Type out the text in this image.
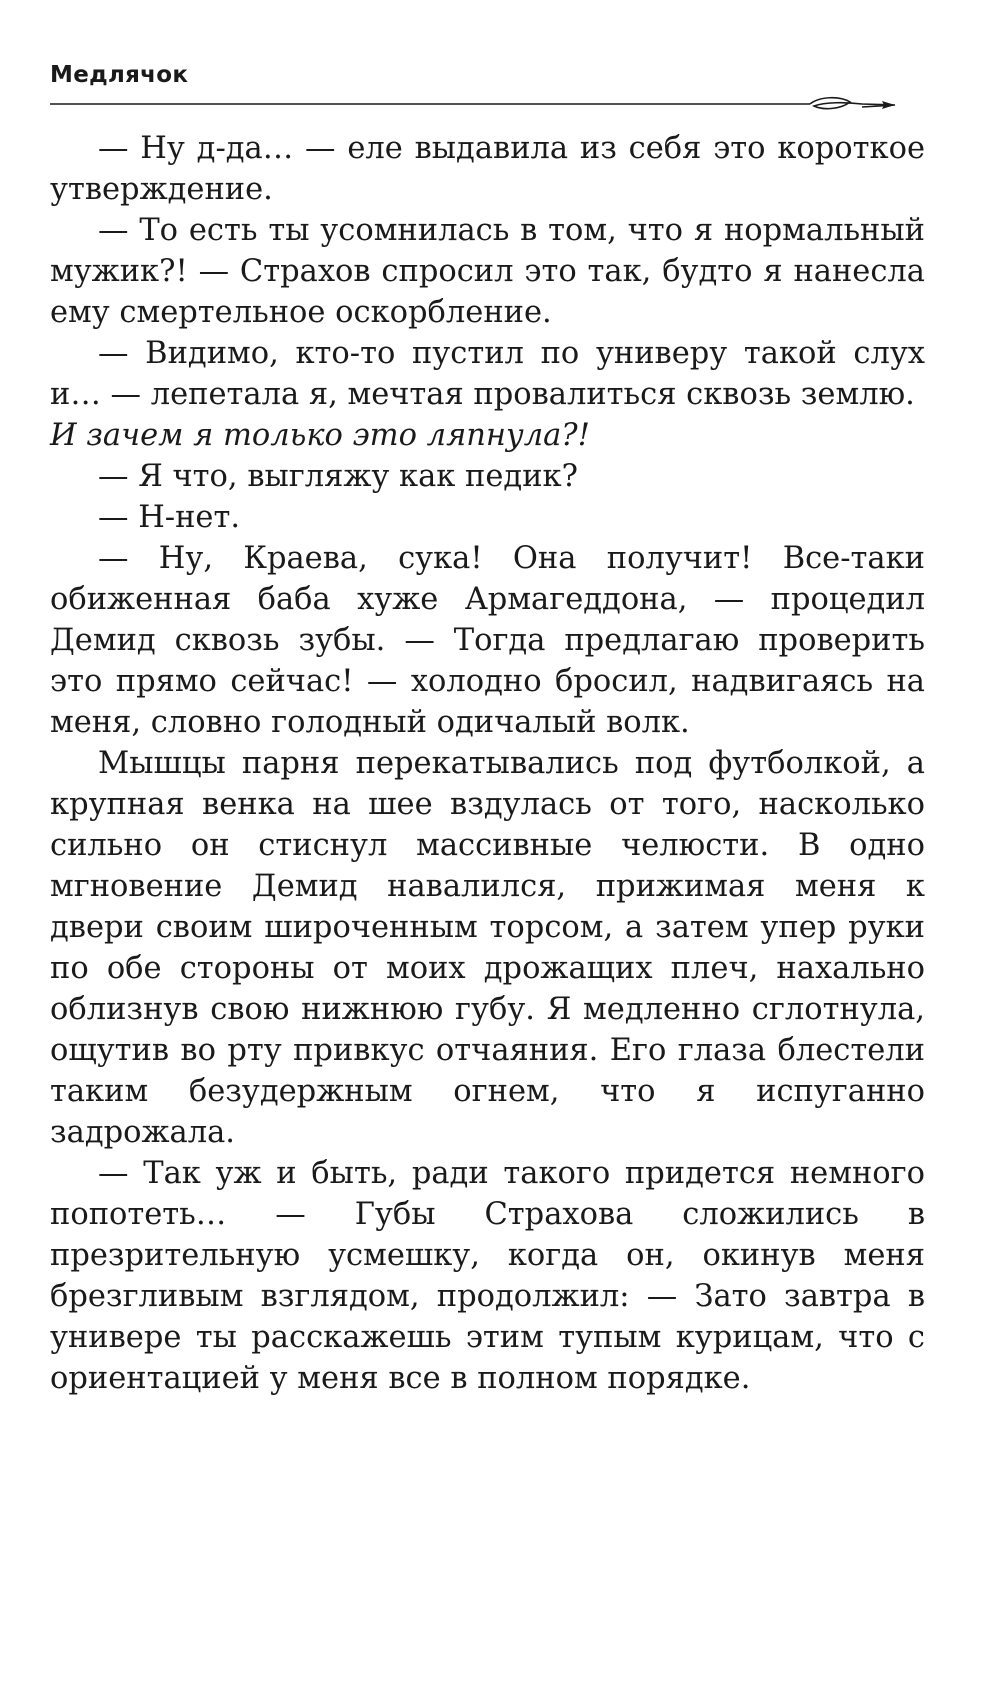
Медлячок

— Ну д-да… — еле выдавила из себя это короткое утверждение.

— То есть ты усомнилась в том, что я нормальный мужик?! — Страхов спросил это так, будто я нанесла ему смертельное оскорбление.

— Видимо, кто-то пустил по универу такой слух и… — лепетала я, мечтая провалиться сквозь землю.

И зачем я только это ляпнула?!

— Я что, выгляжу как педик?

— Н-нет.

— Ну, Краева, сука! Она получит! Все-таки обиженная баба хуже Армагеддона, — процедил Демид сквозь зубы. — Тогда предлагаю проверить это прямо сейчас! — холодно бросил, надвигаясь на меня, словно голодный одичалый волк.

Мышцы парня перекатывались под футболкой, а крупная венка на шее вздулась от того, насколько сильно он стиснул массивные челюсти. В одно мгновение Демид навалился, прижимая меня к двери своим широченным торсом, а затем упер руки по обе стороны от моих дрожащих плеч, нахально облизнув свою нижнюю губу. Я медленно сглотнула, ощутив во рту привкус отчаяния. Его глаза блестели таким безудержным огнем, что я испуганно задрожала.

— Так уж и быть, ради такого придется немного попотеть… — Губы Страхова сложились в презрительную усмешку, когда он, окинув меня брезгливым взглядом, продолжил: — Зато завтра в универе ты расскажешь этим тупым курицам, что с ориентацией у меня все в полном порядке.
